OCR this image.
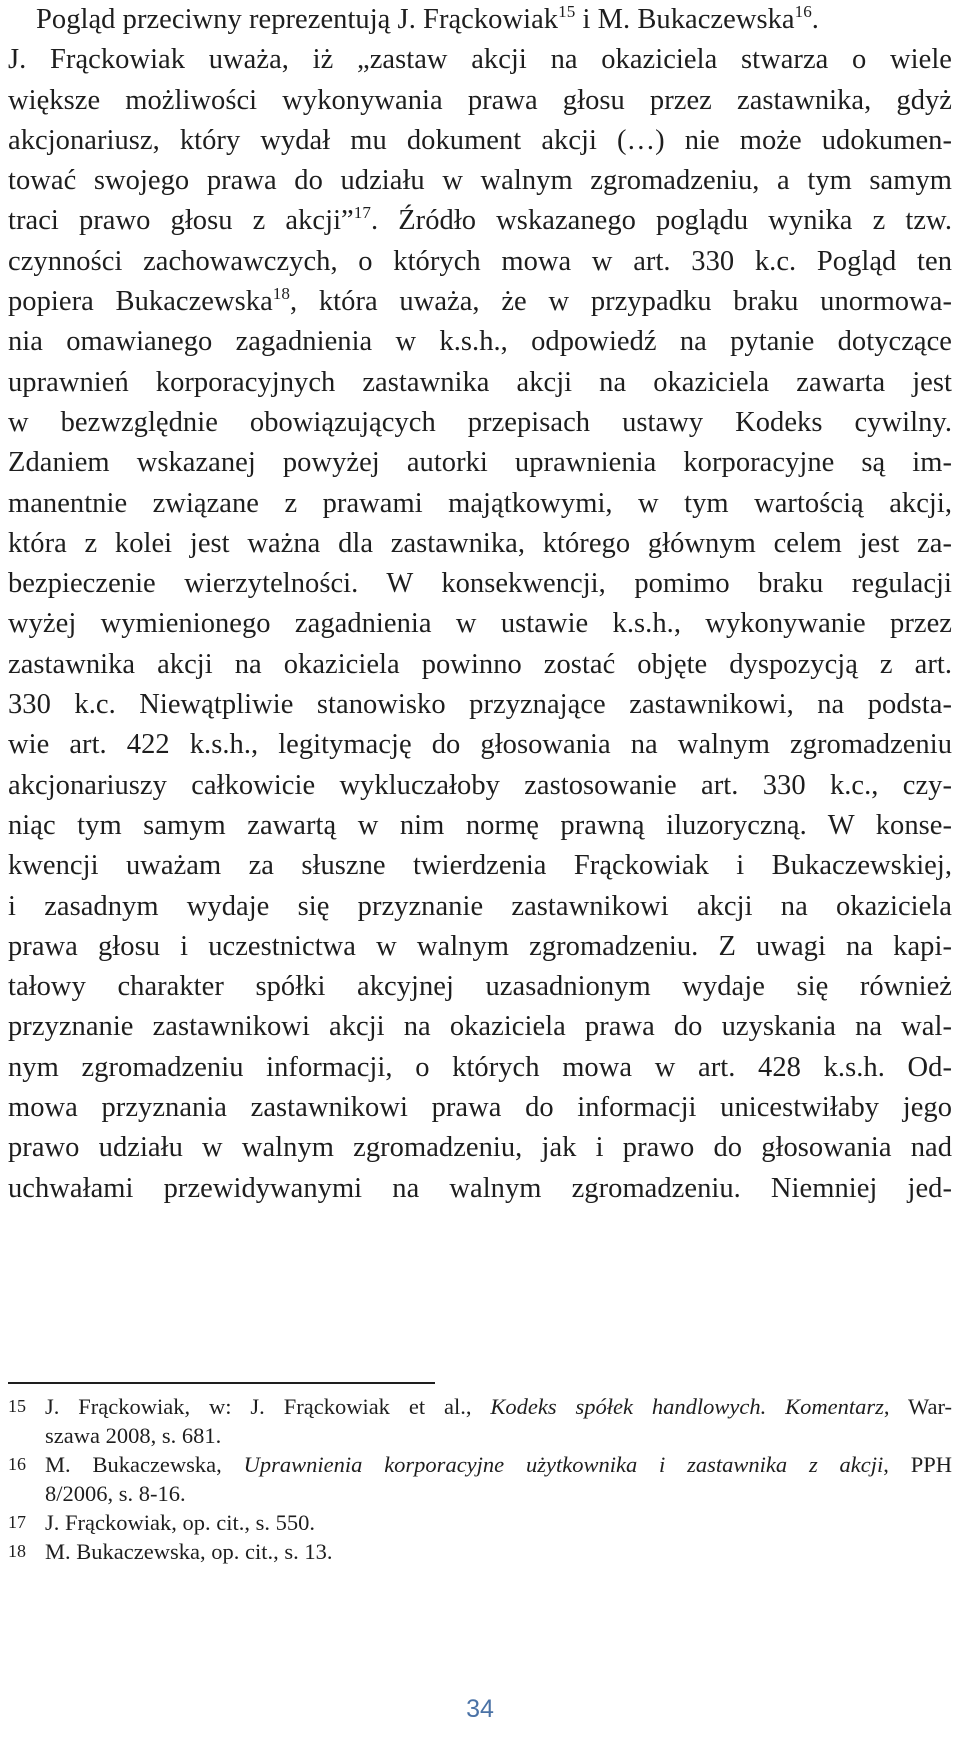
Pogląd przeciwny reprezentują J. Frąckowiak$^{15}$ i M. Bukaczewska$^{16}$.
J. Frąckowiak uważa, iż „zastaw akcji na okaziciela stwarza o wiele
większe możliwości wykonywania prawa głosu przez zastawnika, gdyż
akcjonariusz, który wydał mu dokument akcji (…) nie może udokumen-
tować swojego prawa do udziału w walnym zgromadzeniu, a tym samym
traci prawo głosu z akcji”$^{17}$. Źródło wskazanego poglądu wynika z tzw.
czynności zachowawczych, o których mowa w art. 330 k.c. Pogląd ten
popiera Bukaczewska$^{18}$, która uważa, że w przypadku braku unormowa-
nia omawianego zagadnienia w k.s.h., odpowiedź na pytanie dotyczące
uprawnień korporacyjnych zastawnika akcji na okaziciela zawarta jest
w bezwzględnie obowiązujących przepisach ustawy Kodeks cywilny.
Zdaniem wskazanej powyżej autorki uprawnienia korporacyjne są im-
manentnie związane z prawami majątkowymi, w tym wartością akcji,
która z kolei jest ważna dla zastawnika, którego głównym celem jest za-
bezpieczenie wierzytelności. W konsekwencji, pomimo braku regulacji
wyżej wymienionego zagadnienia w ustawie k.s.h., wykonywanie przez
zastawnika akcji na okaziciela powinno zostać objęte dyspozycją z art.
330 k.c. Niewątpliwie stanowisko przyznające zastawnikowi, na podsta-
wie art. 422 k.s.h., legitymację do głosowania na walnym zgromadzeniu
akcjonariuszy całkowicie wykluczałoby zastosowanie art. 330 k.c., czy-
niąc tym samym zawartą w nim normę prawną iluzoryczną. W konse-
kwencji uważam za słuszne twierdzenia Frąckowiak i Bukaczewskiej,
i zasadnym wydaje się przyznanie zastawnikowi akcji na okaziciela
prawa głosu i uczestnictwa w walnym zgromadzeniu. Z uwagi na kapi-
tałowy charakter spółki akcyjnej uzasadnionym wydaje się również
przyznanie zastawnikowi akcji na okaziciela prawa do uzyskania na wal-
nym zgromadzeniu informacji, o których mowa w art. 428 k.s.h. Od-
mowa przyznania zastawnikowi prawa do informacji unicestwiłaby jego
prawo udziału w walnym zgromadzeniu, jak i prawo do głosowania nad
uchwałami przewidywanymi na walnym zgromadzeniu. Niemniej jed-
15 J. Frąckowiak, w: J. Frąckowiak et al., Kodeks spółek handlowych. Komentarz, War-
szawa 2008, s. 681.
16 M. Bukaczewska, Uprawnienia korporacyjne użytkownika i zastawnika z akcji, PPH
8/2006, s. 8-16.
17 J. Frąckowiak, op. cit., s. 550.
18 M. Bukaczewska, op. cit., s. 13.
34
